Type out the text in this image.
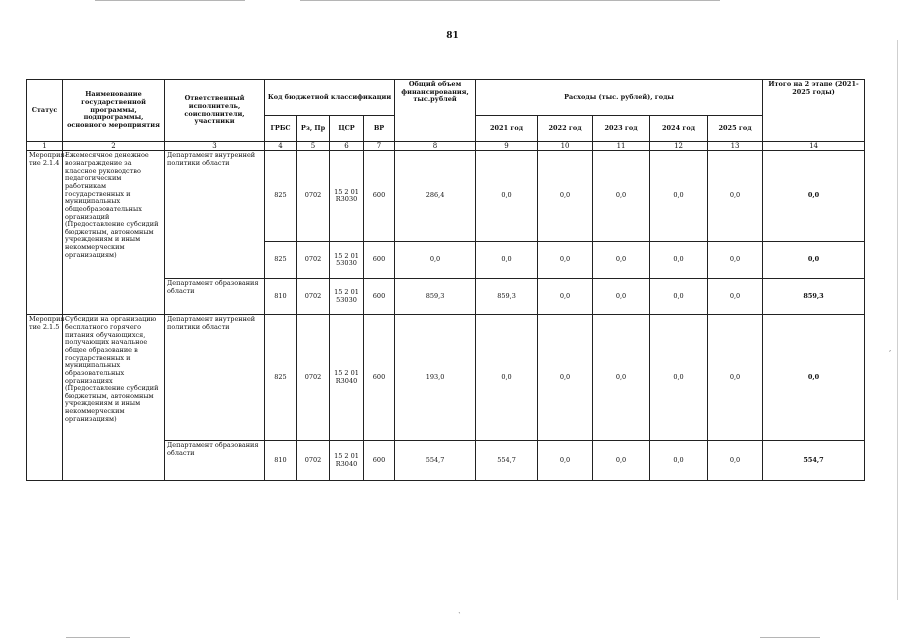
,
`
81
Статус	Наименование государственной программы, подпрограммы, основного мероприятия	Ответственный исполнитель, соисполнители, участники	Код бюджетной классификации				Общий объем финансирования, тыс.рублей	Расходы (тыс. рублей), годы					Итого на 2 этапе (2021-2025 годы)
			ГРБС	Рз, Пр	ЦСР	ВР		2021 год	2022 год	2023 год	2024 год	2025 год	
1	2	3	4	5	6	7	8	9	10	11	12	13	14
Мероприя-тие 2.1.4	Ежемесячное денежное вознаграждение за классное руководство педагогическим работникам государственных и муниципальных общеобразовательных организаций (Предоставление субсидий бюджетным, автономным учреждениям и иным некоммерческим организациям)	Департамент внутренней политики области	825	0702	15 2 01 R3030	600	286,4	0,0	0,0	0,0	0,0	0,0	0,0
			825	0702	15 2 01 53030	600	0,0	0,0	0,0	0,0	0,0	0,0	0,0
		Департамент образования области	810	0702	15 2 01 53030	600	859,3	859,3	0,0	0,0	0,0	0,0	859,3
Мероприя-тие 2.1.5	Субсидии на организацию бесплатного горячего питания обучающихся, получающих начальное общее образование в государственных и муниципальных образовательных организациях (Предоставление субсидий бюджетным, автономным учреждениям и иным некоммерческим организациям)	Департамент внутренней политики области	825	0702	15 2 01 R3040	600	193,0	0,0	0,0	0,0	0,0	0,0	0,0
		Департамент образования области	810	0702	15 2 01 R3040	600	554,7	554,7	0,0	0,0	0,0	0,0	554,7
